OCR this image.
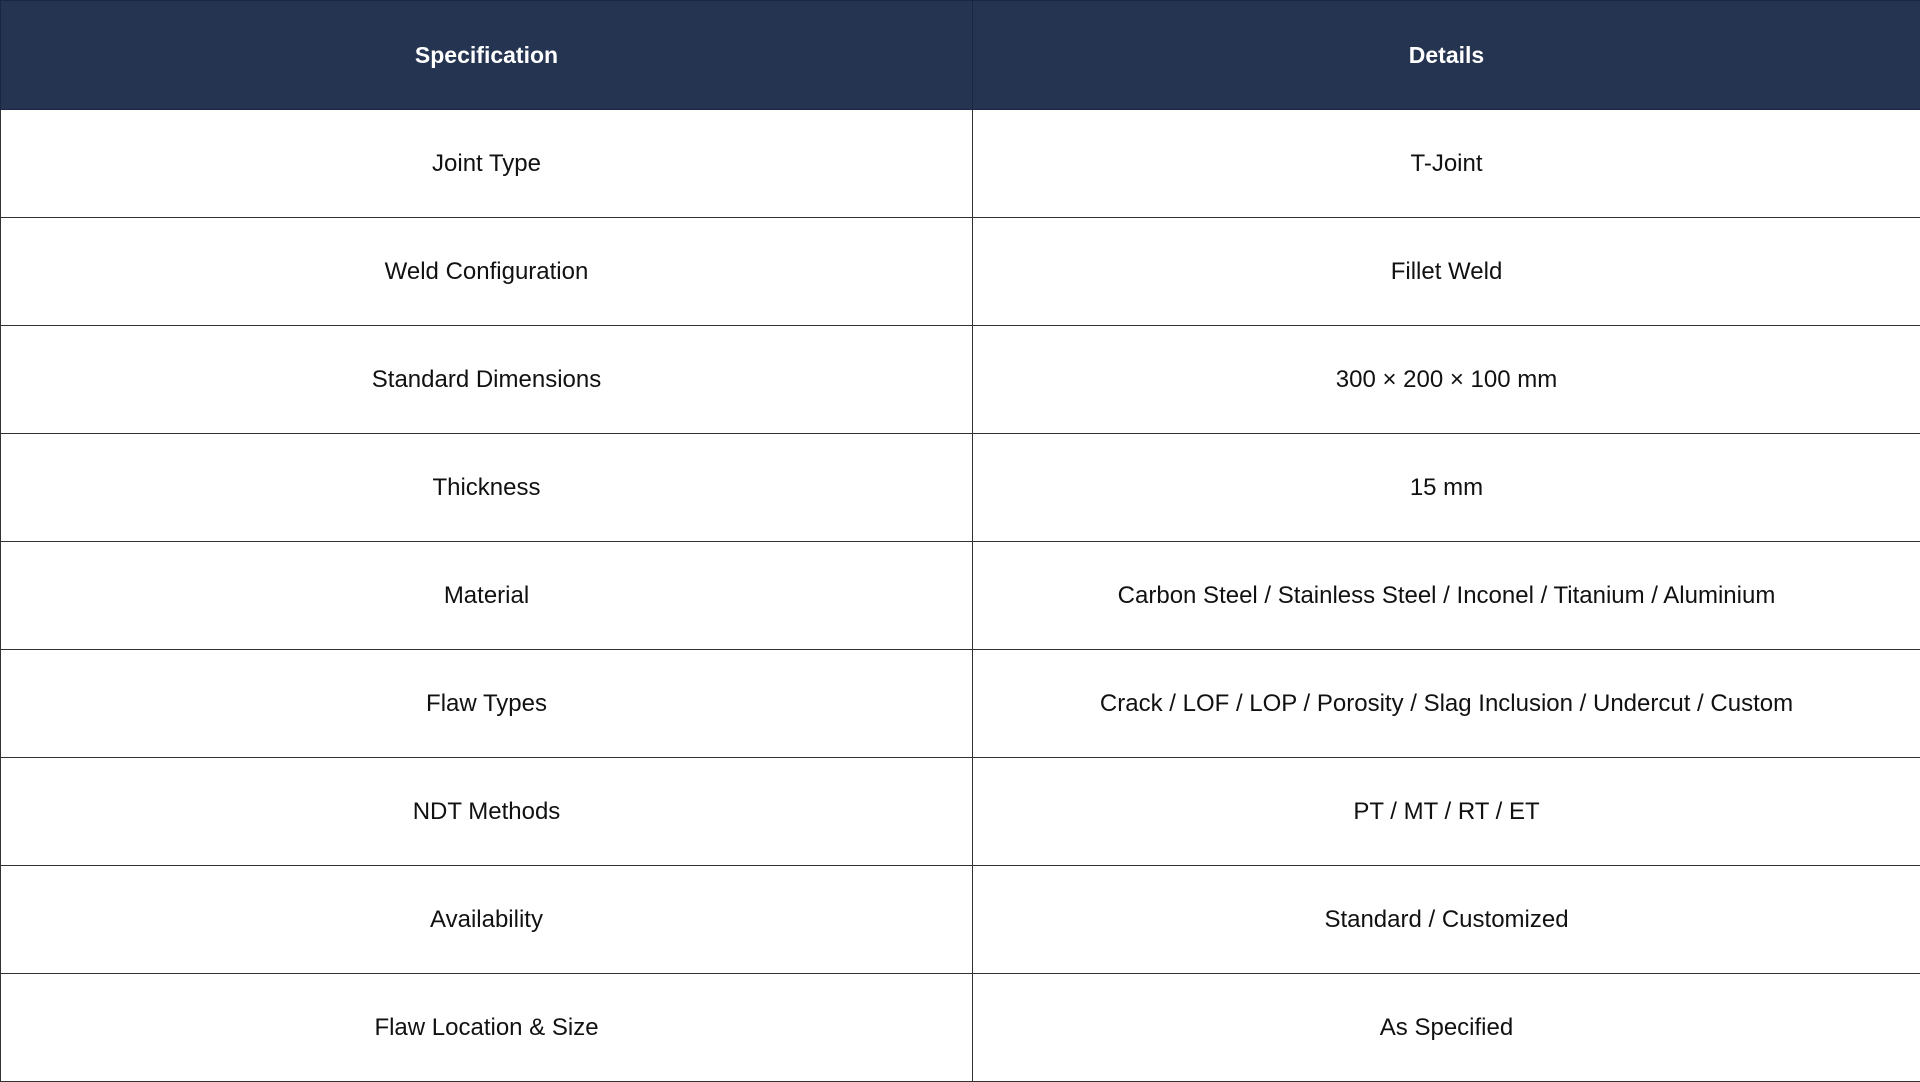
Specification	Details
Joint Type	T-Joint
Weld Configuration	Fillet Weld
Standard Dimensions	300 × 200 × 100 mm
Thickness	15 mm
Material	Carbon Steel / Stainless Steel / Inconel / Titanium / Aluminium
Flaw Types	Crack / LOF / LOP / Porosity / Slag Inclusion / Undercut / Custom
NDT Methods	PT / MT / RT / ET
Availability	Standard / Customized
Flaw Location & Size	As Specified
